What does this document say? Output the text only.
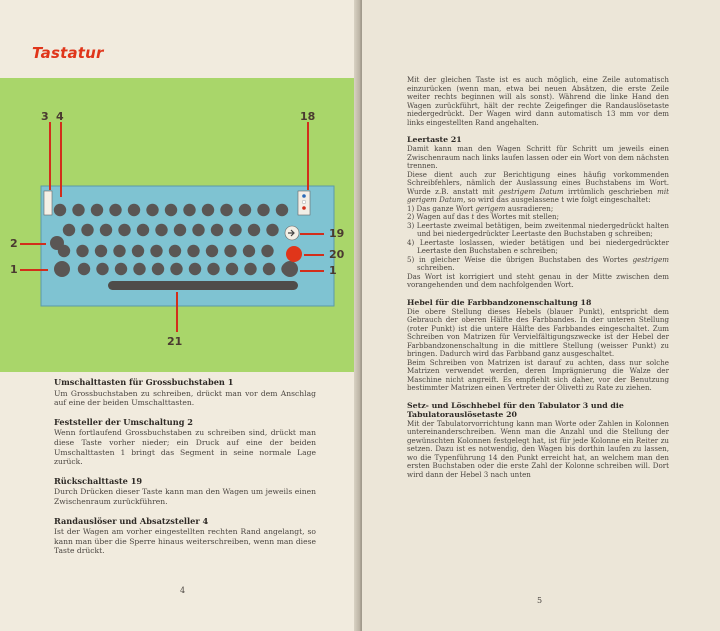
Tastatur
3 4	18
2
1
19
20
1
21
Umschalttasten für Grossbuchstaben 1

Um Grossbuchstaben zu schreiben, drückt man vor dem Anschlag auf eine der beiden Umschalttasten.

Feststeller der Umschaltung 2

Wenn fortlaufend Grossbuchstaben zu schreiben sind, drückt man diese Taste vorher nieder; ein Druck auf eine der beiden Umschalttasten 1 bringt das Segment in seine normale Lage zurück.

Rückschalttaste 19

Durch Drücken dieser Taste kann man den Wagen um jeweils einen Zwischenraum zurückführen.

Randauslöser und Absatzsteller 4

Ist der Wagen am vorher eingestellten rechten Rand angelangt, so kann man über die Sperre hinaus weiterschreiben, wenn man diese Taste drückt.

4
5

Mit der gleichen Taste ist es auch möglich, eine Zeile automatisch einzurücken (wenn man, etwa bei neuen Absätzen, die erste Zeile weiter rechts beginnen will als sonst). Während die linke Hand den Wagen zurückführt, hält der rechte Zeigefinger die Randauslösetaste niedergedrückt. Der Wagen wird dann automatisch 13 mm vor dem links eingestellten Rand angehalten.

Leertaste 21

Damit kann man den Wagen Schritt für Schritt um jeweils einen Zwischenraum nach links laufen lassen oder ein Wort von dem nächsten trennen.

Diese dient auch zur Berichtigung eines häufig vorkommenden Schreibfehlers, nämlich der Auslassung eines Buchstabens im Wort. Wurde z.B. anstatt mit gestrigem Datum irrtümlich geschrieben mit gerigem Datum, so wird das ausgelassene t wie folgt eingeschaltet:

1) Das ganze Wort gerigem ausradieren;

2) Wagen auf das t des Wortes mit stellen;

3) Leertaste zweimal betätigen, beim zweitenmal niedergedrückt halten und bei niedergedrückter Leertaste den Buchstaben g schreiben;

4) Leertaste loslassen, wieder betätigen und bei niedergedrückter Leertaste den Buchstaben e schreiben;

5) in gleicher Weise die übrigen Buchstaben des Wortes gestrigem schreiben.

Das Wort ist korrigiert und steht genau in der Mitte zwischen dem vorangehenden und dem nachfolgenden Wort.

Hebel für die Farbbandzonenschaltung 18

Die obere Stellung dieses Hebels (blauer Punkt), entspricht dem Gebrauch der oberen Hälfte des Farbbandes. In der unteren Stellung (roter Punkt) ist die untere Hälfte des Farbbandes eingeschaltet. Zum Schreiben von Matrizen für Vervielfältigungszwecke ist der Hebel der Farbbandzonenschaltung in die mittlere Stellung (weisser Punkt) zu bringen. Dadurch wird das Farbband ganz ausgeschaltet.

Beim Schreiben von Matrizen ist darauf zu achten, dass nur solche Matrizen verwendet werden, deren Imprägnierung die Walze der Maschine nicht angreift. Es empfiehlt sich daher, vor der Benutzung bestimmter Matrizen einen Vertreter der Olivetti zu Rate zu ziehen.

Setz- und Löschhebel für den Tabulator 3 und die Tabulatorauslösetaste 20

Mit der Tabulatorvorrichtung kann man Worte oder Zahlen in Kolonnen untereinanderschreiben. Wenn man die Anzahl und die Stellung der gewünschten Kolonnen festgelegt hat, ist für jede Kolonne ein Reiter zu setzen. Dazu ist es notwendig, den Wagen bis dorthin laufen zu lassen, wo die Typenführung 14 den Punkt erreicht hat, an welchem man den ersten Buchstaben oder die erste Zahl der Kolonne schreiben will. Dort wird dann der Hebel 3 nach unten
